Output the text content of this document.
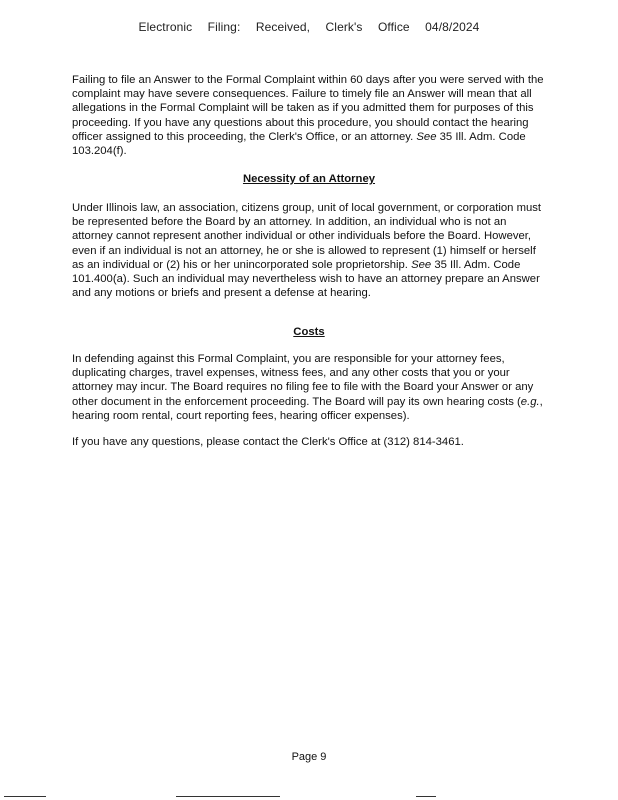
Electronic Filing: Received, Clerk's Office 04/8/2024

Failing to file an Answer to the Formal Complaint within 60 days after you were served with the complaint may have severe consequences. Failure to timely file an Answer will mean that all allegations in the Formal Complaint will be taken as if you admitted them for purposes of this proceeding. If you have any questions about this procedure, you should contact the hearing officer assigned to this proceeding, the Clerk's Office, or an attorney. See 35 Ill. Adm. Code 103.204(f).

Necessity of an Attorney

Under Illinois law, an association, citizens group, unit of local government, or corporation must be represented before the Board by an attorney. In addition, an individual who is not an attorney cannot represent another individual or other individuals before the Board. However, even if an individual is not an attorney, he or she is allowed to represent (1) himself or herself as an individual or (2) his or her unincorporated sole proprietorship. See 35 Ill. Adm. Code 101.400(a). Such an individual may nevertheless wish to have an attorney prepare an Answer and any motions or briefs and present a defense at hearing.

Costs

In defending against this Formal Complaint, you are responsible for your attorney fees, duplicating charges, travel expenses, witness fees, and any other costs that you or your attorney may incur. The Board requires no filing fee to file with the Board your Answer or any other document in the enforcement proceeding. The Board will pay its own hearing costs (e.g., hearing room rental, court reporting fees, hearing officer expenses).

If you have any questions, please contact the Clerk's Office at (312) 814-3461.

Page 9
